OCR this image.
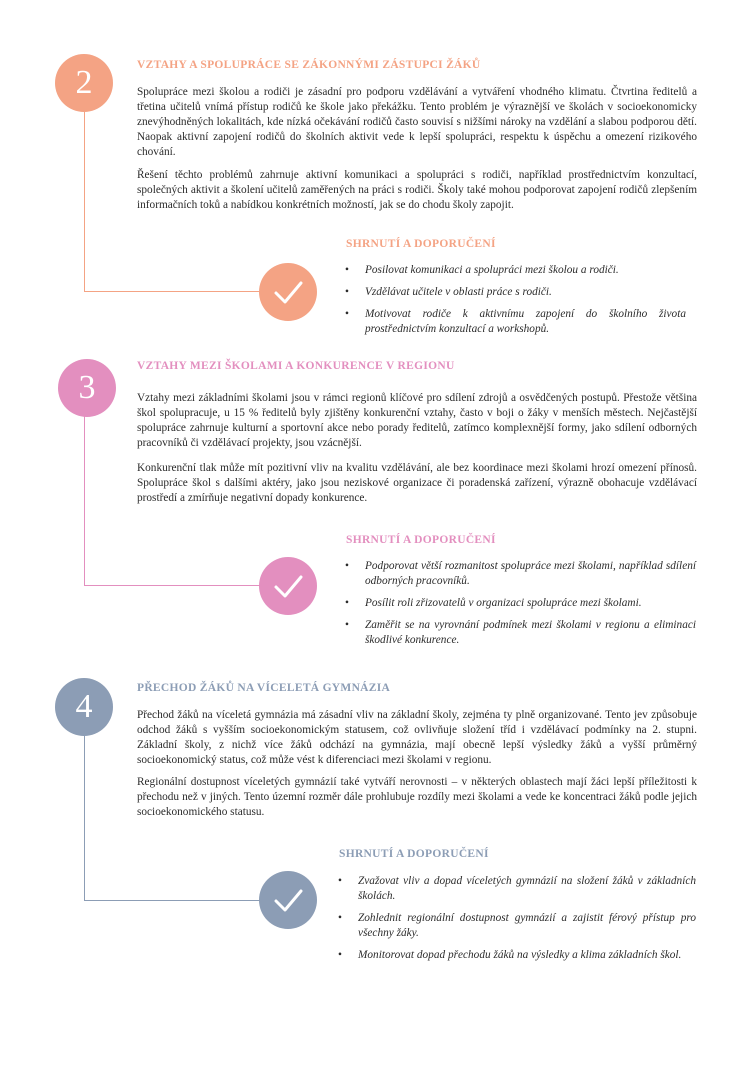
2	VZTAHY A SPOLUPRÁCE SE ZÁKONNÝMI ZÁSTUPCI ŽÁKŮ

Spolupráce mezi školou a rodiči je zásadní pro podporu vzdělávání a vytváření vhodného klimatu. Čtvrtina ředitelů a třetina učitelů vnímá přístup rodičů ke škole jako překážku. Tento problém je výraznější ve školách v socioekonomicky znevýhodněných lokalitách, kde nízká očekávání rodičů často souvisí s nižšími nároky na vzdělání a slabou podporou dětí. Naopak aktivní zapojení rodičů do školních aktivit vede k lepší spolupráci, respektu k úspěchu a omezení rizikového chování.

Řešení těchto problémů zahrnuje aktivní komunikaci a spolupráci s rodiči, například prostřednictvím konzultací, společných aktivit a školení učitelů zaměřených na práci s rodiči. Školy také mohou podporovat zapojení rodičů zlepšením informačních toků a nabídkou konkrétních možností, jak se do chodu školy zapojit.

SHRNUTÍ A DOPORUČENÍ
• Posilovat komunikaci a spolupráci mezi školou a rodiči.
• Vzdělávat učitele v oblasti práce s rodiči.
• Motivovat rodiče k aktivnímu zapojení do školního života prostřednictvím konzultací a workshopů.
3
VZTAHY MEZI ŠKOLAMI A KONKURENCE V REGIONU

Vztahy mezi základními školami jsou v rámci regionů klíčové pro sdílení zdrojů a osvědčených postupů. Přestože většina škol spolupracuje, u 15 % ředitelů byly zjištěny konkurenční vztahy, často v boji o žáky v menších městech. Nejčastější spolupráce zahrnuje kulturní a sportovní akce nebo porady ředitelů, zatímco komplexnější formy, jako sdílení odborných pracovníků či vzdělávací projekty, jsou vzácnější.

Konkurenční tlak může mít pozitivní vliv na kvalitu vzdělávání, ale bez koordinace mezi školami hrozí omezení přínosů. Spolupráce škol s dalšími aktéry, jako jsou neziskové organizace či poradenská zařízení, výrazně obohacuje vzdělávací prostředí a zmírňuje negativní dopady konkurence.

SHRNUTÍ A DOPORUČENÍ
• Podporovat větší rozmanitost spolupráce mezi školami, například sdílení odborných pracovníků.
• Posílit roli zřizovatelů v organizaci spolupráce mezi školami.
• Zaměřit se na vyrovnání podmínek mezi školami v regionu a eliminaci škodlivé konkurence.
4	PŘECHOD ŽÁKŮ NA VÍCELETÁ GYMNÁZIA

Přechod žáků na víceletá gymnázia má zásadní vliv na základní školy, zejména ty plně organizované. Tento jev způsobuje odchod žáků s vyšším socioekonomickým statusem, což ovlivňuje složení tříd i vzdělávací podmínky na 2. stupni. Základní školy, z nichž více žáků odchází na gymnázia, mají obecně lepší výsledky žáků a vyšší průměrný socioekonomický status, což může vést k diferenciaci mezi školami v regionu.

Regionální dostupnost víceletých gymnázií také vytváří nerovnosti – v některých oblastech mají žáci lepší příležitosti k přechodu než v jiných. Tento územní rozměr dále prohlubuje rozdíly mezi školami a vede ke koncentraci žáků podle jejich socioekonomického statusu.

SHRNUTÍ A DOPORUČENÍ
• Zvažovat vliv a dopad víceletých gymnázií na složení žáků v základních školách.
• Zohlednit regionální dostupnost gymnázií a zajistit férový přístup pro všechny žáky.
• Monitorovat dopad přechodu žáků na výsledky a klima základních škol.
